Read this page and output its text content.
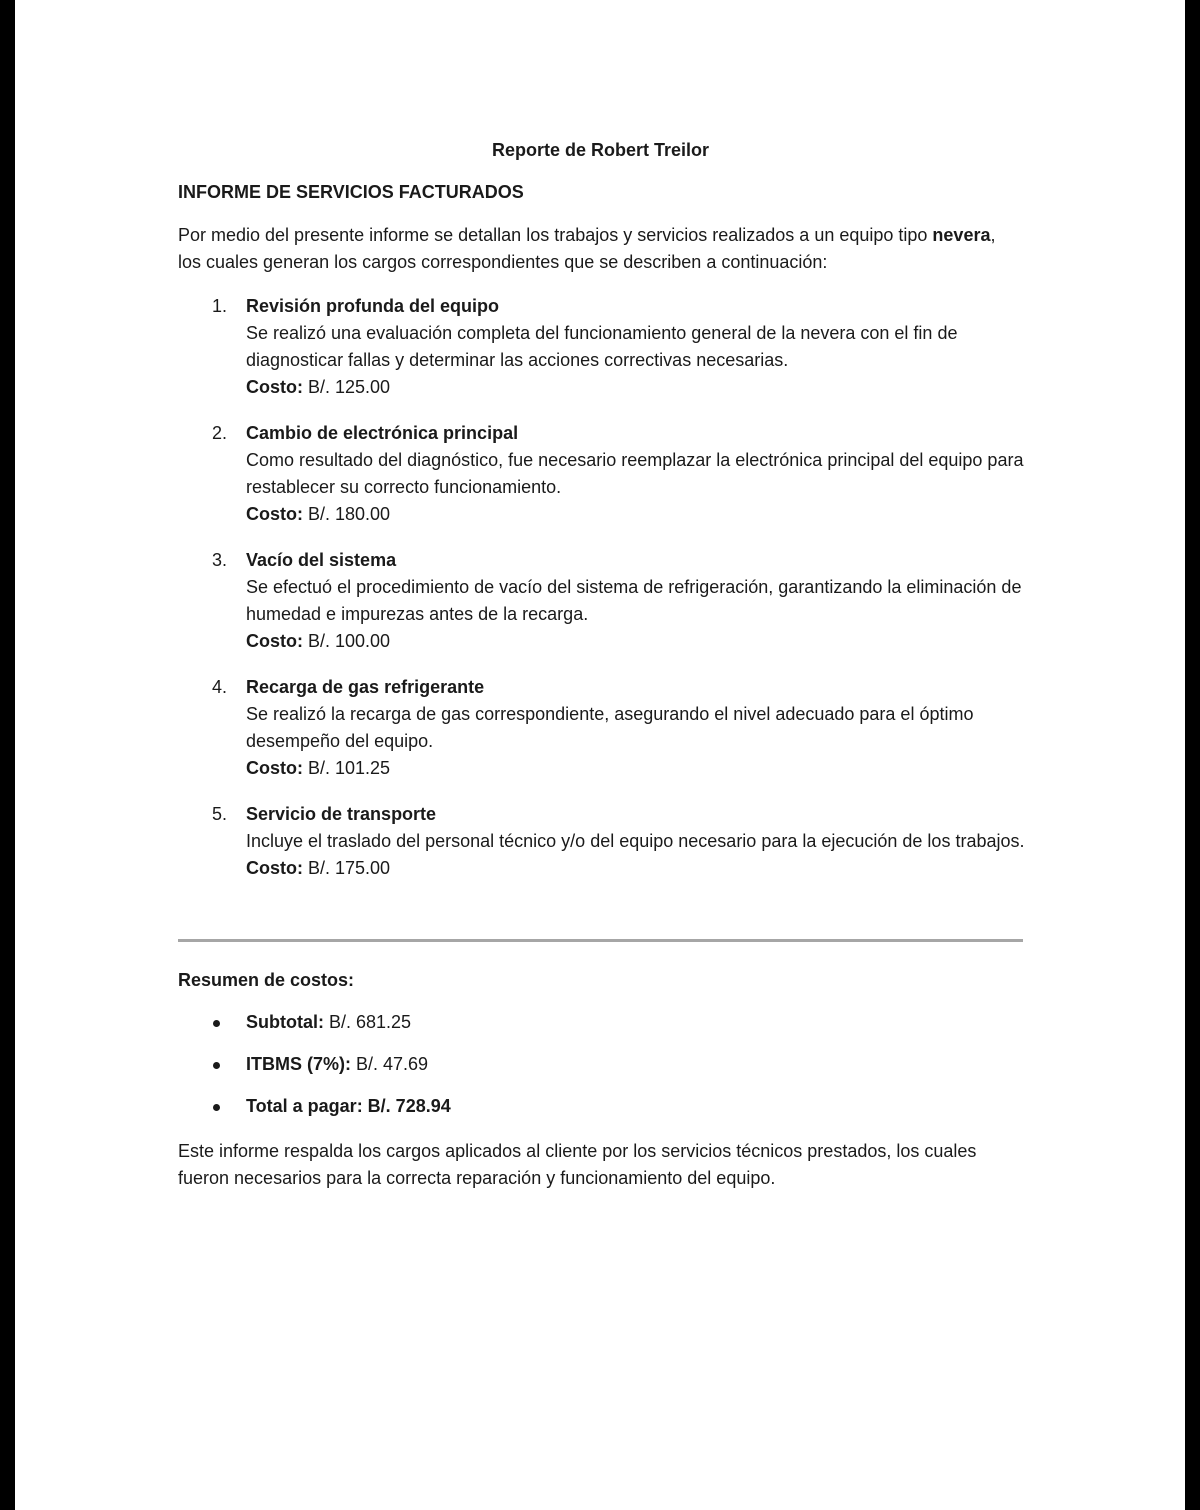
Reporte de Robert Treilor
INFORME DE SERVICIOS FACTURADOS
Por medio del presente informe se detallan los trabajos y servicios realizados a un equipo tipo nevera, los cuales generan los cargos correspondientes que se describen a continuación:
1. Revisión profunda del equipo
Se realizó una evaluación completa del funcionamiento general de la nevera con el fin de diagnosticar fallas y determinar las acciones correctivas necesarias.
Costo: B/. 125.00
2. Cambio de electrónica principal
Como resultado del diagnóstico, fue necesario reemplazar la electrónica principal del equipo para restablecer su correcto funcionamiento.
Costo: B/. 180.00
3. Vacío del sistema
Se efectuó el procedimiento de vacío del sistema de refrigeración, garantizando la eliminación de humedad e impurezas antes de la recarga.
Costo: B/. 100.00
4. Recarga de gas refrigerante
Se realizó la recarga de gas correspondiente, asegurando el nivel adecuado para el óptimo desempeño del equipo.
Costo: B/. 101.25
5. Servicio de transporte
Incluye el traslado del personal técnico y/o del equipo necesario para la ejecución de los trabajos.
Costo: B/. 175.00
Resumen de costos:
Subtotal: B/. 681.25
ITBMS (7%): B/. 47.69
Total a pagar: B/. 728.94
Este informe respalda los cargos aplicados al cliente por los servicios técnicos prestados, los cuales fueron necesarios para la correcta reparación y funcionamiento del equipo.
